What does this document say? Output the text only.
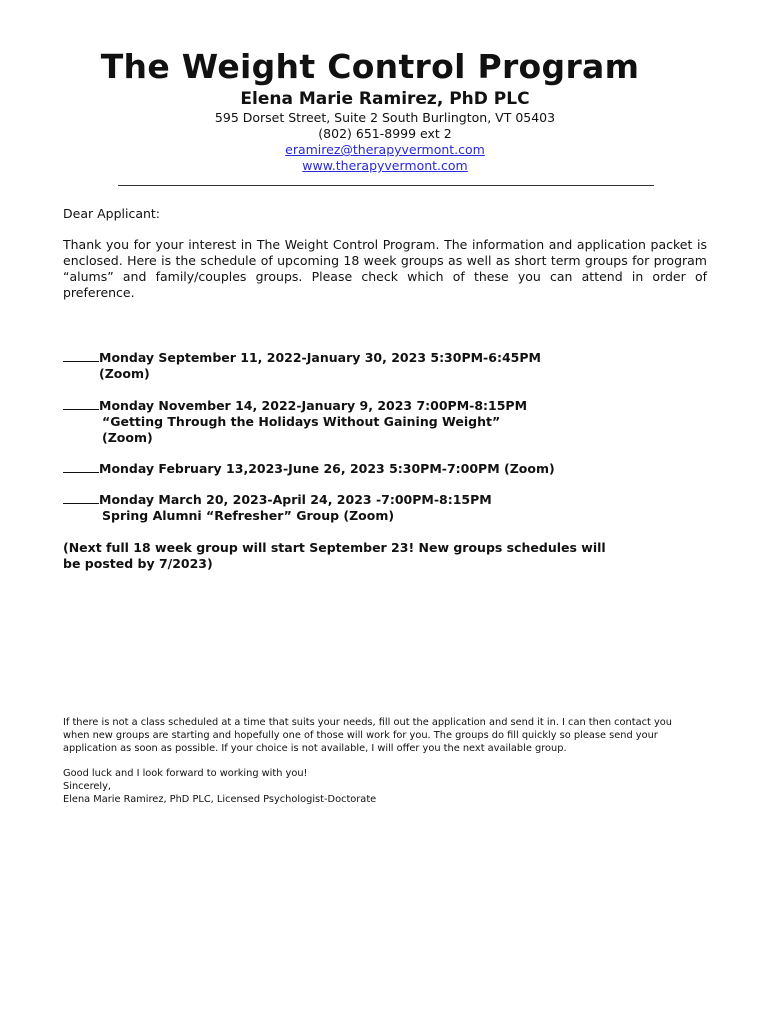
The Weight Control Program
Elena Marie Ramirez, PhD PLC
595 Dorset Street, Suite 2 South Burlington, VT 05403
(802) 651-8999 ext 2
eramirez@therapyvermont.com
www.therapyvermont.com

Dear Applicant:

Thank you for your interest in The Weight Control Program. The information and application packet is enclosed. Here is the schedule of upcoming 18 week groups as well as short term groups for program “alums” and family/couples groups. Please check which of these you can attend in order of preference.

Monday September 11, 2022-January 30, 2023 5:30PM-6:45PM
(Zoom)
Monday November 14, 2022-January 9, 2023 7:00PM-8:15PM
“Getting Through the Holidays Without Gaining Weight”
(Zoom)
Monday February 13,2023-June 26, 2023 5:30PM-7:00PM (Zoom)
Monday March 20, 2023-April 24, 2023 -7:00PM-8:15PM
Spring Alumni “Refresher” Group (Zoom)
(Next full 18 week group will start September 23! New groups schedules will
be posted by 7/2023)
If there is not a class scheduled at a time that suits your needs, fill out the application and send it in. I can then contact you
when new groups are starting and hopefully one of those will work for you. The groups do fill quickly so please send your
application as soon as possible. If your choice is not available, I will offer you the next available group.
Good luck and I look forward to working with you!
Sincerely,
Elena Marie Ramirez, PhD PLC, Licensed Psychologist-Doctorate
